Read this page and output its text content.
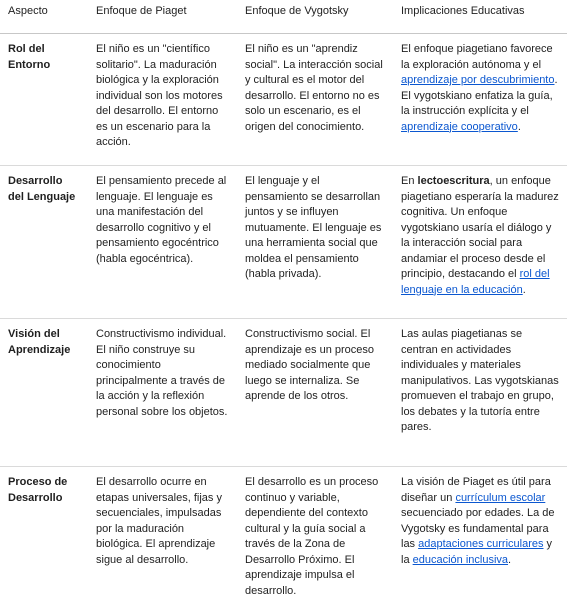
Aspecto	Enfoque de Piaget	Enfoque de Vygotsky	Implicaciones Educativas
Rol del Entorno	El niño es un "científico solitario". La maduración biológica y la exploración individual son los motores del desarrollo. El entorno es un escenario para la acción.	El niño es un "aprendiz social". La interacción social y cultural es el motor del desarrollo. El entorno no es solo un escenario, es el origen del conocimiento.	El enfoque piagetiano favorece la exploración autónoma y el aprendizaje por descubrimiento. El vygotskiano enfatiza la guía, la instrucción explícita y el aprendizaje cooperativo.
Desarrollo del Lenguaje	El pensamiento precede al lenguaje. El lenguaje es una manifestación del desarrollo cognitivo y el pensamiento egocéntrico (habla egocéntrica).	El lenguaje y el pensamiento se desarrollan juntos y se influyen mutuamente. El lenguaje es una herramienta social que moldea el pensamiento (habla privada).	En lectoescritura, un enfoque piagetiano esperaría la madurez cognitiva. Un enfoque vygotskiano usaría el diálogo y la interacción social para andamiar el proceso desde el principio, destacando el rol del lenguaje en la educación.
Visión del Aprendizaje	Constructivismo individual. El niño construye su conocimiento principalmente a través de la acción y la reflexión personal sobre los objetos.	Constructivismo social. El aprendizaje es un proceso mediado socialmente que luego se internaliza. Se aprende de los otros.	Las aulas piagetianas se centran en actividades individuales y materiales manipulativos. Las vygotskianas promueven el trabajo en grupo, los debates y la tutoría entre pares.
Proceso de Desarrollo	El desarrollo ocurre en etapas universales, fijas y secuenciales, impulsadas por la maduración biológica. El aprendizaje sigue al desarrollo.	El desarrollo es un proceso continuo y variable, dependiente del contexto cultural y la guía social a través de la Zona de Desarrollo Próximo. El aprendizaje impulsa el desarrollo.	La visión de Piaget es útil para diseñar un currículum escolar secuenciado por edades. La de Vygotsky es fundamental para las adaptaciones curriculares y la educación inclusiva.
